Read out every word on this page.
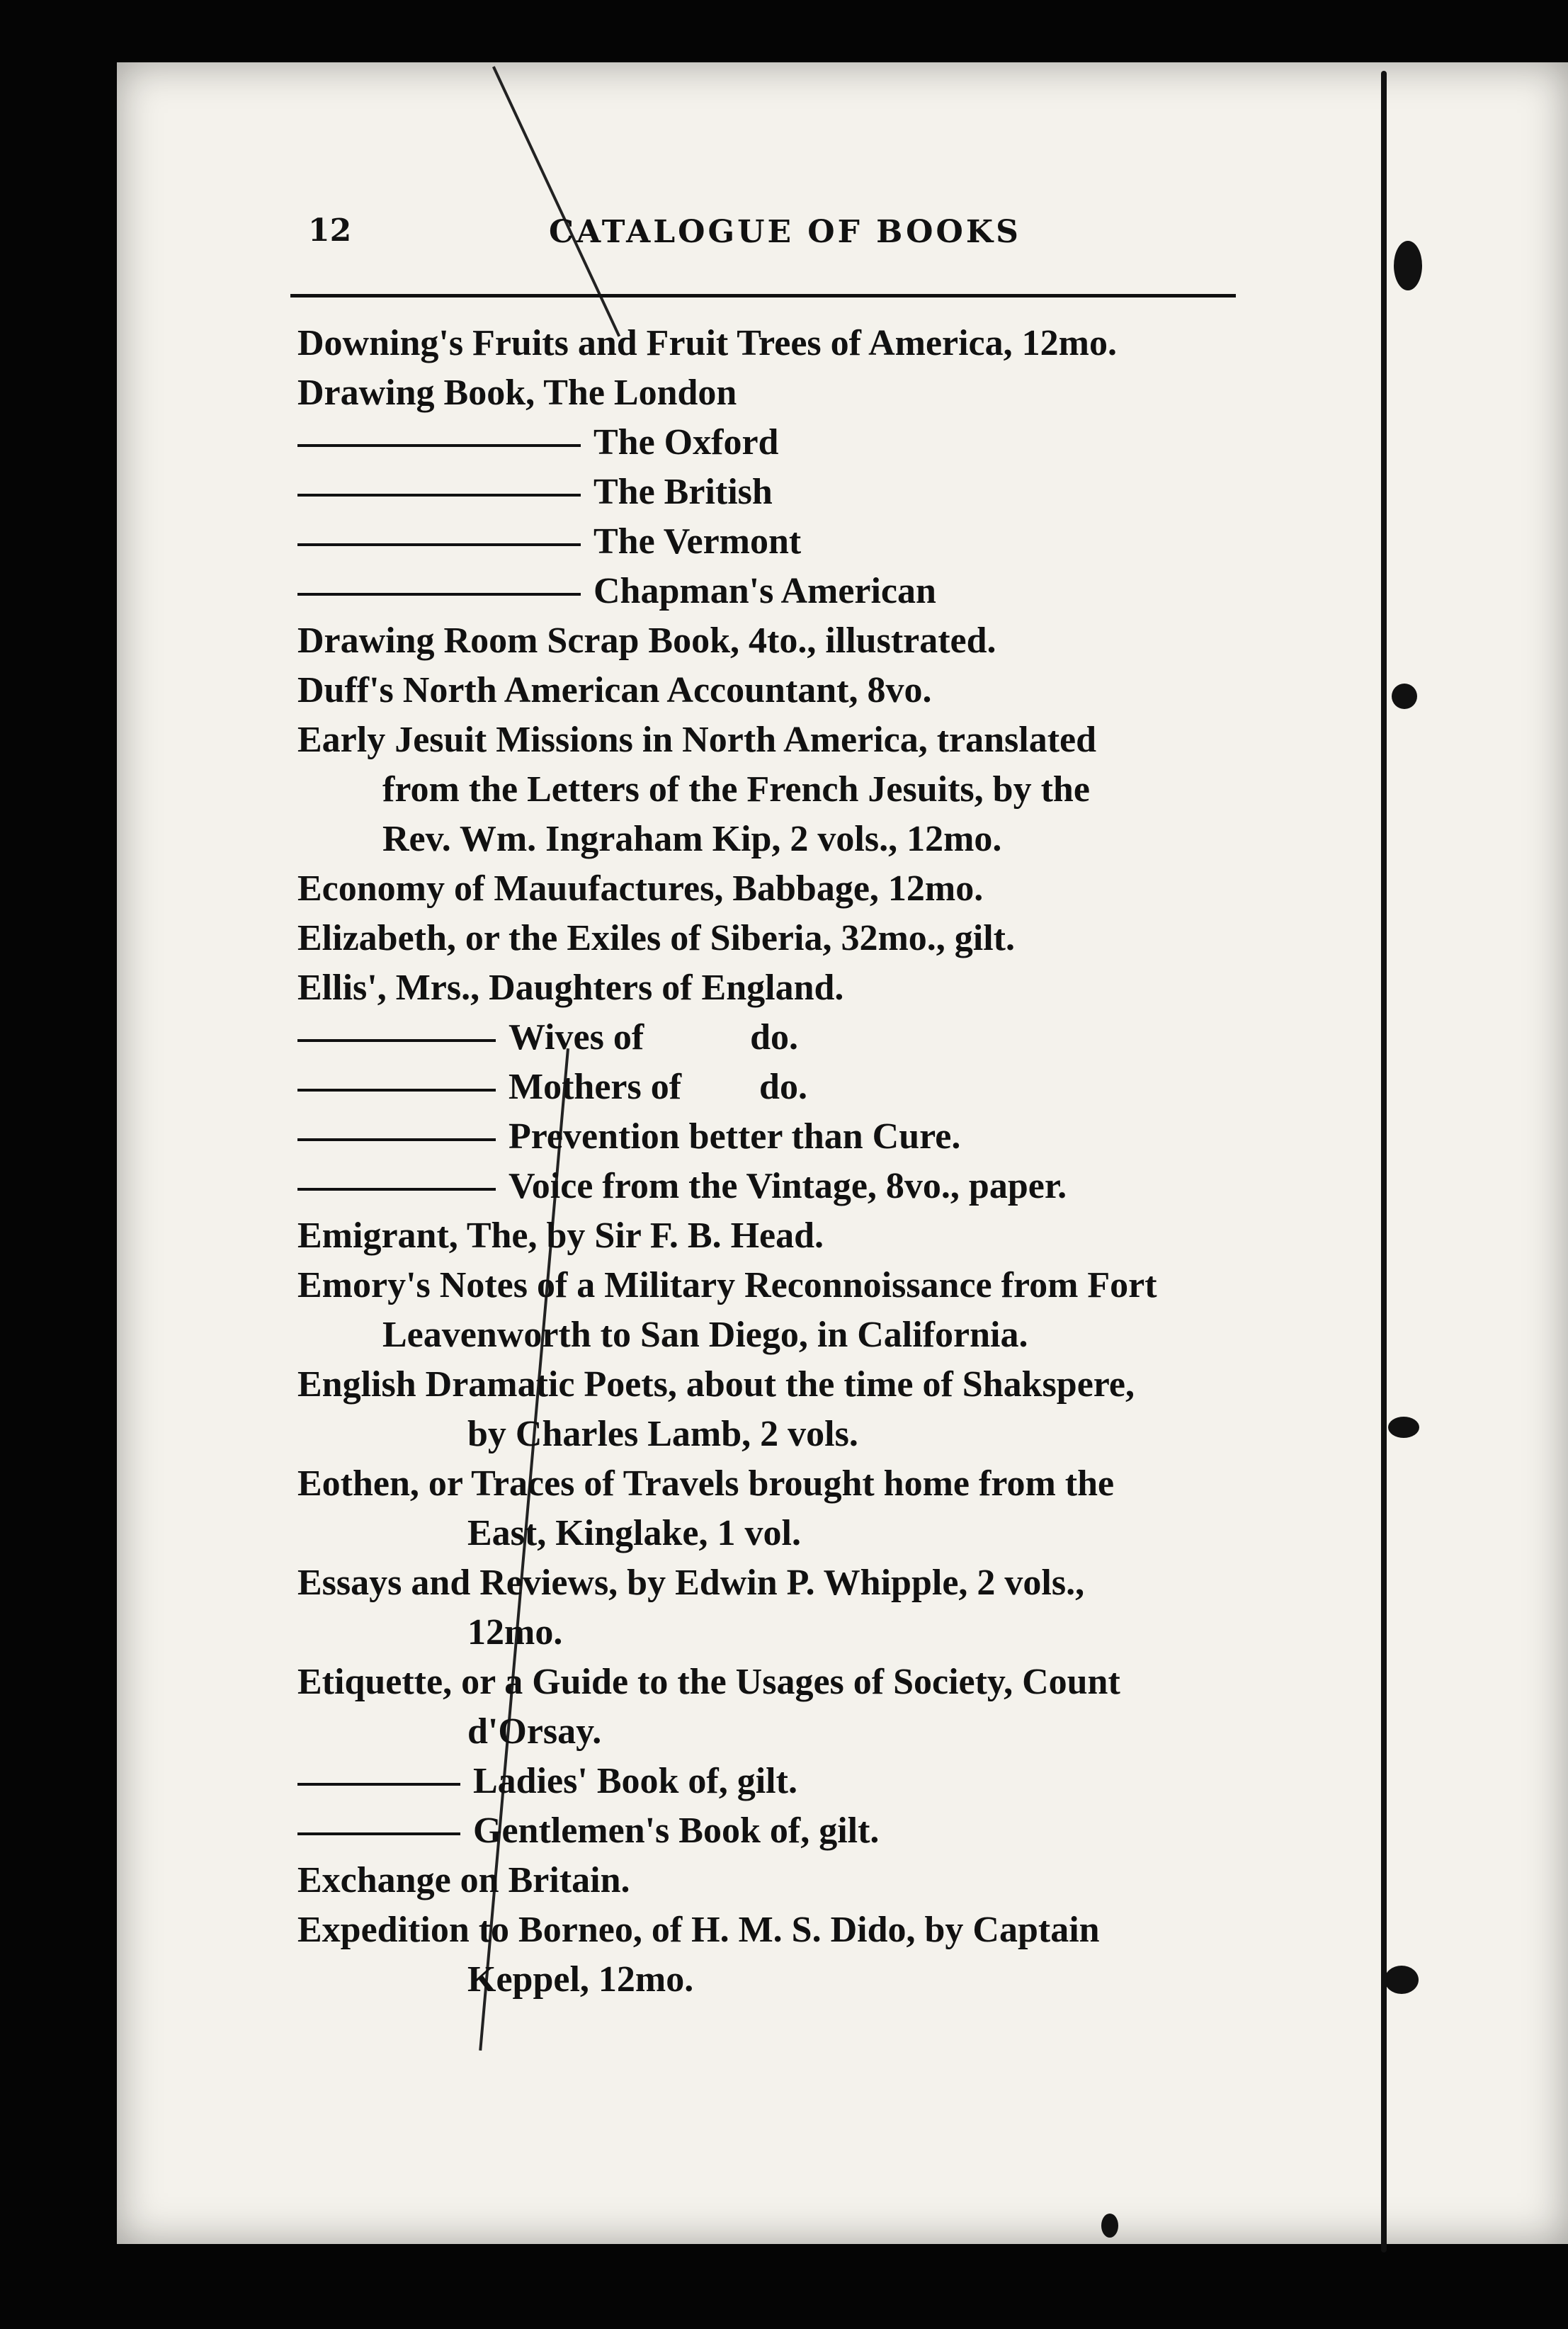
12	CATALOGUE OF BOOKS
Downing's Fruits and Fruit Trees of America, 12mo.
Drawing Book, The London
The Oxford
The British
The Vermont
Chapman's American
Drawing Room Scrap Book, 4to., illustrated.
Duff's North American Accountant, 8vo.
Early Jesuit Missions in North America, translated
from the Letters of the French Jesuits, by the
Rev. Wm. Ingraham Kip, 2 vols., 12mo.
Economy of Mauufactures, Babbage, 12mo.
Elizabeth, or the Exiles of Siberia, 32mo., gilt.
Ellis', Mrs., Daughters of England.
Wives of	do.
Mothers of do.
Prevention better than Cure.
Voice from the Vintage, 8vo., paper.
Emigrant, The, by Sir F. B. Head.
Emory's Notes of a Military Reconnoissance from Fort
Leavenworth to San Diego, in California.
English Dramatic Poets, about the time of Shakspere,
by Charles Lamb, 2 vols.
Eothen, or Traces of Travels brought home from the
East, Kinglake, 1 vol.
Essays and Reviews, by Edwin P. Whipple, 2 vols.,
12mo.
Etiquette, or a Guide to the Usages of Society, Count
d'Orsay.
Ladies' Book of, gilt.
Gentlemen's Book of, gilt.
Exchange on Britain.
Expedition to Borneo, of H. M. S. Dido, by Captain
Keppel, 12mo.
